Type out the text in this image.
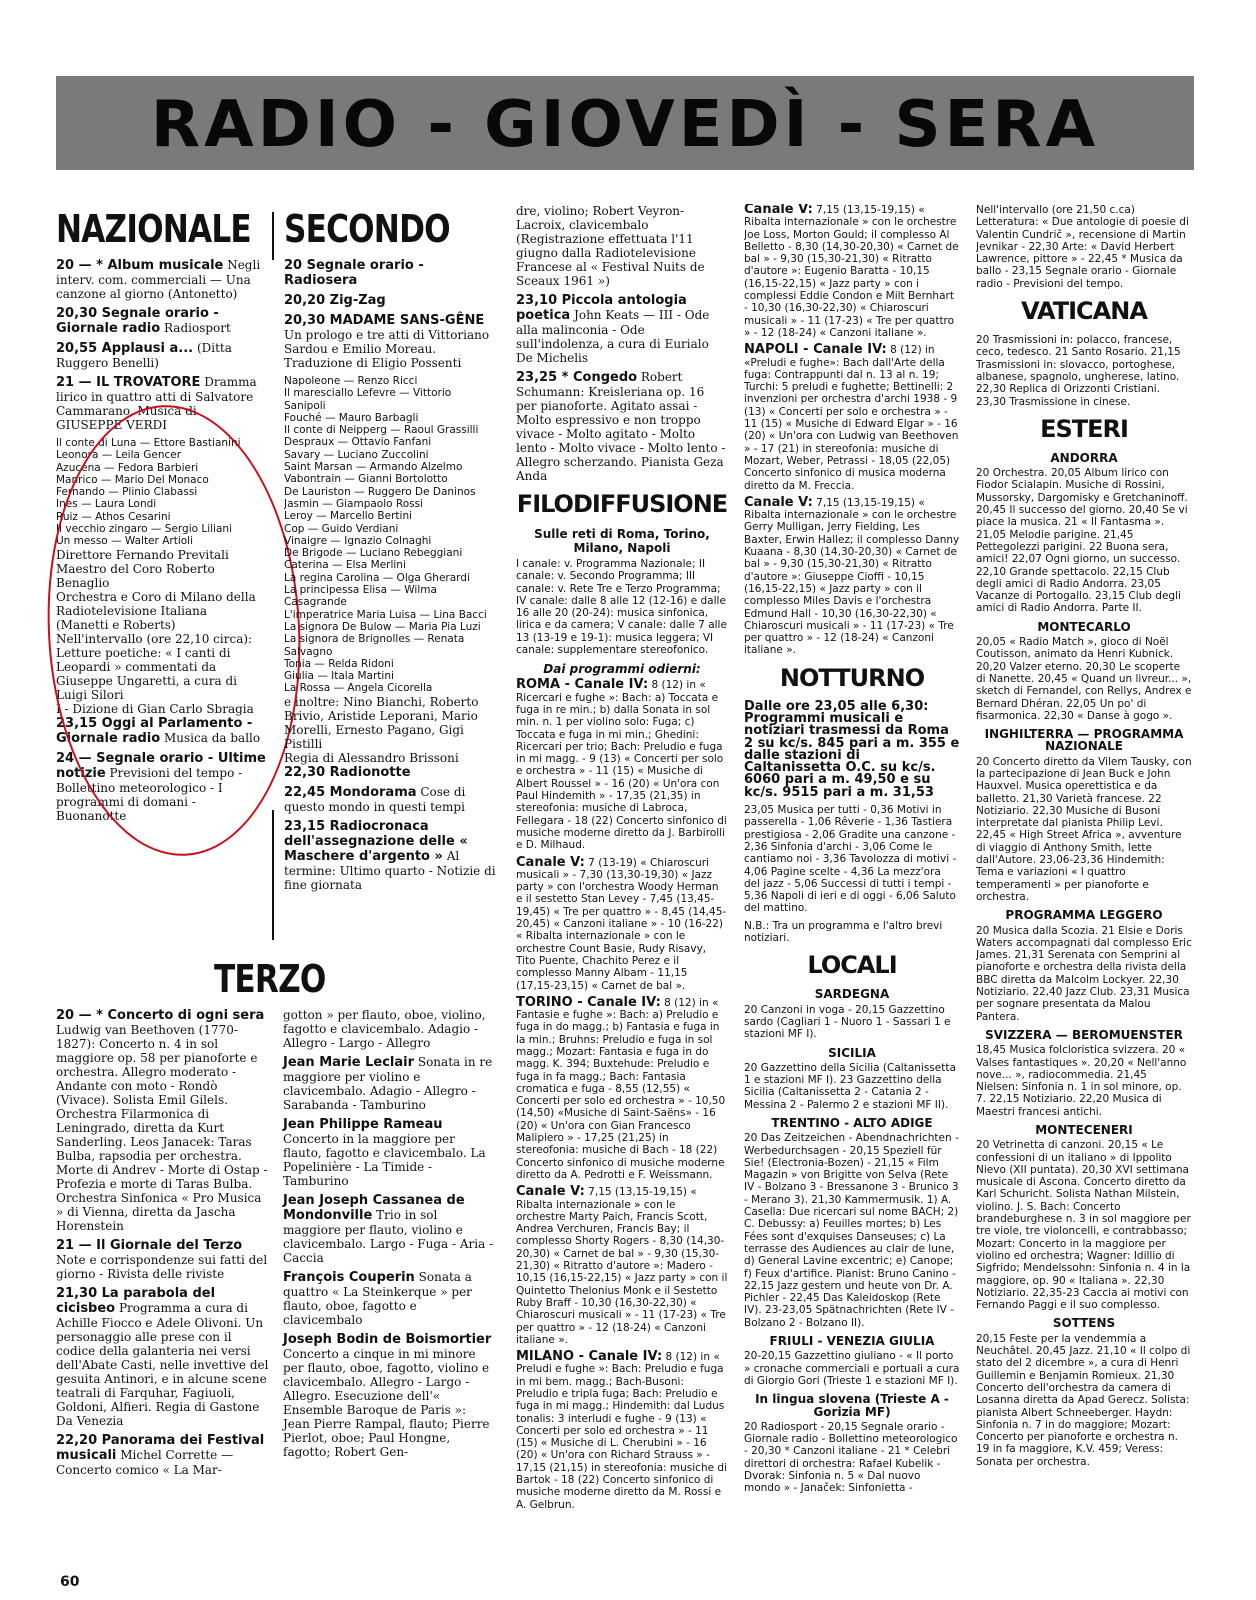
RADIO - GIOVEDÌ - SERA
NAZIONALE
20 — * Album musicale Negli interv. com. commerciali — Una canzone al giorno (Antonetto)
20,30 Segnale orario - Giornale radio Radiosport
20,55 Applausi a... (Ditta Ruggero Benelli)
21 — IL TROVATORE Dramma lirico in quattro atti di Salvatore Cammarano. Musica di GIUSEPPE VERDI
Il conte di Luna — Ettore Bastianini
Leonora — Leila Gencer
Azucena — Fedora Barbieri
Manrico — Mario Del Monaco
Fernando — Plinio Clabassi
Ines — Laura Londi
Ruiz — Athos Cesarini
Il vecchio zingaro — Sergio Liliani
Un messo — Walter Artioli
Direttore Fernando Previtali
Maestro del Coro Roberto Benaglio
Orchestra e Coro di Milano della Radiotelevisione Italiana
(Manetti e Roberts)
Nell'intervallo (ore 22,10 circa): Letture poetiche: « I canti di Leopardi » commentati da Giuseppe Ungaretti, a cura di Luigi Silori
I - Dizione di Gian Carlo Sbragia
23,15 Oggi al Parlamento - Giornale radio Musica da ballo
24 — Segnale orario - Ultime notizie Previsioni del tempo - Bollettino meteorologico - I programmi di domani - Buonanotte
SECONDO
20 Segnale orario - Radiosera
20,20 Zig-Zag
20,30 MADAME SANS-GÊNE Un prologo e tre atti di Vittoriano Sardou e Emilio Moreau. Traduzione di Eligio Possenti
Napoleone — Renzo Ricci
Il maresciallo Lefevre — Vittorio Sanipoli
Fouché — Mauro Barbagli
Il conte di Neipperg — Raoul Grassilli
Despraux — Ottavio Fanfani
Savary — Luciano Zuccolini
Saint Marsan — Armando Alzelmo
Vabontrain — Gianni Bortolotto
De Lauriston — Ruggero De Daninos
Jasmin — Giampaolo Rossi
Leroy — Marcello Bertini
Cop — Guido Verdiani
Vinaigre — Ignazio Colnaghi
De Brigode — Luciano Rebeggiani
Caterina — Elsa Merlini
La regina Carolina — Olga Gherardi
La principessa Elisa — Wilma Casagrande
L'imperatrice Maria Luisa — Lina Bacci
La signora De Bulow — Maria Pia Luzi
La signora de Brignolles — Renata Salvagno
Tonia — Relda Ridoni
Giulia — Itala Martini
La Rossa — Angela Cicorella
e inoltre: Nino Bianchi, Roberto Brivio, Aristide Leporani, Mario Morelli, Ernesto Pagano, Gigi Pistilli
Regia di Alessandro Brissoni
22,30 Radionotte
22,45 Mondorama Cose di questo mondo in questi tempi
23,15 Radiocronaca dell'assegnazione delle « Maschere d'argento » Al termine: Ultimo quarto - Notizie di fine giornata
TERZO
20 — * Concerto di ogni sera Ludwig van Beethoven (1770-1827): Concerto n. 4 in sol maggiore op. 58 per pianoforte e orchestra. Allegro moderato - Andante con moto - Rondò (Vivace). Solista Emil Gilels. Orchestra Filarmonica di Leningrado, diretta da Kurt Sanderling. Leos Janacek: Taras Bulba, rapsodia per orchestra. Morte di Andrev - Morte di Ostap - Profezia e morte di Taras Bulba. Orchestra Sinfonica « Pro Musica » di Vienna, diretta da Jascha Horenstein
21 — Il Giornale del Terzo Note e corrispondenze sui fatti del giorno - Rivista delle riviste
21,30 La parabola del cicisbeo Programma a cura di Achille Fiocco e Adele Olivoni. Un personaggio alle prese con il codice della galanteria nei versi dell'Abate Casti, nelle invettive del gesuita Antinori, e in alcune scene teatrali di Farquhar, Fagiuoli, Goldoni, Alfieri. Regia di Gastone Da Venezia
22,20 Panorama dei Festival musicali Michel Corrette — Concerto comico « La Mar-
gotton » per flauto, oboe, violino, fagotto e clavicembalo. Adagio - Allegro - Largo - Allegro
Jean Marie Leclair Sonata in re maggiore per violino e clavicembalo. Adagio - Allegro - Sarabanda - Tamburino
Jean Philippe Rameau Concerto in la maggiore per flauto, fagotto e clavicembalo. La Popelinière - La Timide - Tamburino
Jean Joseph Cassanea de Mondonville Trio in sol maggiore per flauto, violino e clavicembalo. Largo - Fuga - Aria - Caccia
François Couperin Sonata a quattro « La Steinkerque » per flauto, oboe, fagotto e clavicembalo
Joseph Bodin de Boismortier Concerto a cinque in mi minore per flauto, oboe, fagotto, violino e clavicembalo. Allegro - Largo - Allegro. Esecuzione dell'« Ensemble Baroque de Paris »: Jean Pierre Rampal, flauto; Pierre Pierlot, oboe; Paul Hongne, fagotto; Robert Gen-
dre, violino; Robert Veyron-Lacroix, clavicembalo (Registrazione effettuata l'11 giugno dalla Radiotelevisione Francese al « Festival Nuits de Sceaux 1961 »)
23,10 Piccola antologia poetica John Keats — III - Ode alla malinconia - Ode sull'indolenza, a cura di Eurialo De Michelis
23,25 * Congedo Robert Schumann: Kreisleriana op. 16 per pianoforte. Agitato assai - Molto espressivo e non troppo vivace - Molto agitato - Molto lento - Molto vivace - Molto lento - Allegro scherzando. Pianista Geza Anda
FILODIFFUSIONE
Sulle reti di Roma, Torino, Milano, Napoli
I canale: v. Programma Nazionale; II canale: v. Secondo Programma; III canale: v. Rete Tre e Terzo Programma; IV canale: dalle 8 alle 12 (12-16) e dalle 16 alle 20 (20-24): musica sinfonica, lirica e da camera; V canale: dalle 7 alle 13 (13-19 e 19-1): musica leggera; VI canale: supplementare stereofonico.
Dai programmi odierni:
ROMA - Canale IV: 8 (12) in « Ricercari e fughe »: Bach: a) Toccata e fuga in re min.; b) dalla Sonata in sol min. n. 1 per violino solo: Fuga; c) Toccata e fuga in mi min.; Ghedini: Ricercari per trio; Bach: Preludio e fuga in mi magg. - 9 (13) « Concerti per solo e orchestra » - 11 (15) « Musiche di Albert Roussel » - 16 (20) « Un'ora con Paul Hindemith » - 17,35 (21,35) in stereofonia: musiche di Labroca, Fellegara - 18 (22) Concerto sinfonico di musiche moderne diretto da J. Barbirolli e D. Milhaud.
Canale V: 7 (13-19) « Chiaroscuri musicali » - 7,30 (13,30-19,30) « Jazz party » con l'orchestra Woody Herman e il sestetto Stan Levey - 7,45 (13,45-19,45) « Tre per quattro » - 8,45 (14,45-20,45) « Canzoni italiane » - 10 (16-22) « Ribalta internazionale » con le orchestre Count Basie, Rudy Risavy, Tito Puente, Chachito Perez e il complesso Manny Albam - 11,15 (17,15-23,15) « Carnet de bal ».
TORINO - Canale IV: 8 (12) in « Fantasie e fughe »: Bach: a) Preludio e fuga in do magg.; b) Fantasia e fuga in la min.; Bruhns: Preludio e fuga in sol magg.; Mozart: Fantasia e fuga in do magg. K. 394; Buxtehude: Preludio e fuga in fa magg.; Bach: Fantasia cromatica e fuga - 8,55 (12,55) « Concerti per solo ed orchestra » - 10,50 (14,50) «Musiche di Saint-Saëns» - 16 (20) « Un'ora con Gian Francesco Malipiero » - 17,25 (21,25) in stereofonia: musiche di Bach - 18 (22) Concerto sinfonico di musiche moderne diretto da A. Pedrotti e F. Weissmann.
Canale V: 7,15 (13,15-19,15) « Ribalta internazionale » con le orchestre Marty Paich, Francis Scott, Andrea Verchuren, Francis Bay; il complesso Shorty Rogers - 8,30 (14,30-20,30) « Carnet de bal » - 9,30 (15,30-21,30) « Ritratto d'autore »: Madero - 10,15 (16,15-22,15) « Jazz party » con il Quintetto Thelonius Monk e il Sestetto Ruby Braff - 10,30 (16,30-22,30) « Chiaroscuri musicali » - 11 (17-23) « Tre per quattro » - 12 (18-24) « Canzoni italiane ».
MILANO - Canale IV: 8 (12) in « Preludi e fughe »: Bach: Preludio e fuga in mi bem. magg.; Bach-Busoni: Preludio e tripla fuga; Bach: Preludio e fuga in mi magg.; Hindemith: dal Ludus tonalis: 3 interludi e fughe - 9 (13) « Concerti per solo ed orchestra » - 11 (15) « Musiche di L. Cherubini » - 16 (20) « Un'ora con Richard Strauss » - 17,15 (21,15) in stereofonia: musiche di Bartok - 18 (22) Concerto sinfonico di musiche moderne diretto da M. Rossi e A. Gelbrun.
Canale V: 7,15 (13,15-19,15) « Ribalta internazionale » con le orchestre Joe Loss, Morton Gould; il complesso Al Belletto - 8,30 (14,30-20,30) « Carnet de bal » - 9,30 (15,30-21,30) « Ritratto d'autore »: Eugenio Baratta - 10,15 (16,15-22,15) « Jazz party » con i complessi Eddie Condon e Milt Bernhart - 10,30 (16,30-22,30) « Chiaroscuri musicali » - 11 (17-23) « Tre per quattro » - 12 (18-24) « Canzoni italiane ».
NAPOLI - Canale IV: 8 (12) in «Preludi e fughe»: Bach dall'Arte della fuga: Contrappunti dal n. 13 al n. 19; Turchi: 5 preludi e fughette; Bettinelli: 2 invenzioni per orchestra d'archi 1938 - 9 (13) « Concerti per solo e orchestra » - 11 (15) « Musiche di Edward Elgar » - 16 (20) « Un'ora con Ludwig van Beethoven » - 17 (21) in stereofonia: musiche di Mozart, Weber, Petrassi - 18,05 (22,05) Concerto sinfonico di musica moderna diretto da M. Freccia.
Canale V: 7,15 (13,15-19,15) « Ribalta internazionale » con le orchestre Gerry Mulligan, Jerry Fielding, Les Baxter, Erwin Hallez; il complesso Danny Kuaana - 8,30 (14,30-20,30) « Carnet de bal » - 9,30 (15,30-21,30) « Ritratto d'autore »: Giuseppe Cioffi - 10,15 (16,15-22,15) « Jazz party » con il complesso Miles Davis e l'orchestra Edmund Hall - 10,30 (16,30-22,30) « Chiaroscuri musicali » - 11 (17-23) « Tre per quattro » - 12 (18-24) « Canzoni italiane ».
NOTTURNO
Dalle ore 23,05 alle 6,30: Programmi musicali e notiziari trasmessi da Roma 2 su kc/s. 845 pari a m. 355 e dalle stazioni di Caltanissetta O.C. su kc/s. 6060 pari a m. 49,50 e su kc/s. 9515 pari a m. 31,53
23,05 Musica per tutti - 0,36 Motivi in passerella - 1,06 Rêverie - 1,36 Tastiera prestigiosa - 2,06 Gradite una canzone - 2,36 Sinfonia d'archi - 3,06 Come le cantiamo noi - 3,36 Tavolozza di motivi - 4,06 Pagine scelte - 4,36 La mezz'ora del jazz - 5,06 Successi di tutti i tempi - 5,36 Napoli di ieri e di oggi - 6,06 Saluto del mattino.
N.B.: Tra un programma e l'altro brevi notiziari.
LOCALI
SARDEGNA
20 Canzoni in voga - 20,15 Gazzettino sardo (Cagliari 1 - Nuoro 1 - Sassari 1 e stazioni MF I).
SICILIA
20 Gazzettino della Sicilia (Caltanissetta 1 e stazioni MF I). 23 Gazzettino della Sicilia (Caltanissetta 2 - Catania 2 - Messina 2 - Palermo 2 e stazioni MF II).
TRENTINO - ALTO ADIGE
20 Das Zeitzeichen - Abendnachrichten - Werbedurchsagen - 20,15 Speziell für Sie! (Electronia-Bozen) - 21,15 « Film Magazin » von Brigitte von Selva (Rete IV - Bolzano 3 - Bressanone 3 - Brunico 3 - Merano 3). 21,30 Kammermusik. 1) A. Casella: Due ricercari sul nome BACH; 2) C. Debussy: a) Feuilles mortes; b) Les Fées sont d'exquises Danseuses; c) La terrasse des Audiences au clair de lune, d) General Lavine excentric; e) Canope; f) Feux d'artifice. Pianist: Bruno Canino - 22,15 Jazz gestern und heute von Dr. A. Pichler - 22,45 Das Kaleidoskop (Rete IV). 23-23,05 Spätnachrichten (Rete IV - Bolzano 2 - Bolzano II).
FRIULI - VENEZIA GIULIA
20-20,15 Gazzettino giuliano - « Il porto » cronache commerciali e portuali a cura di Giorgio Gori (Trieste 1 e stazioni MF I).
In lingua slovena (Trieste A - Gorizia MF)
20 Radiosport - 20,15 Segnale orario - Giornale radio - Bollettino meteorologico - 20,30 * Canzoni italiane - 21 * Celebri direttori di orchestra: Rafael Kubelik - Dvorak: Sinfonia n. 5 « Dal nuovo mondo » - Janaček: Sinfonietta -
Nell'intervallo (ore 21,50 c.ca) Letteratura: « Due antologie di poesie di Valentin Cundrič », recensione di Martin Jevnikar - 22,30 Arte: « David Herbert Lawrence, pittore » - 22,45 * Musica da ballo - 23,15 Segnale orario - Giornale radio - Previsioni del tempo.
VATICANA
20 Trasmissioni in: polacco, francese, ceco, tedesco. 21 Santo Rosario. 21,15 Trasmissioni in: slovacco, portoghese, albanese, spagnolo, ungherese, latino. 22,30 Replica di Orizzonti Cristiani. 23,30 Trasmissione in cinese.
ESTERI
ANDORRA
20 Orchestra. 20,05 Album lirico con Fiodor Scialapin. Musiche di Rossini, Mussorsky, Dargomisky e Gretchaninoff. 20,45 Il successo del giorno. 20,40 Se vi piace la musica. 21 « Il Fantasma ». 21,05 Melodie parigine. 21,45 Pettegolezzi parigini. 22 Buona sera, amici! 22,07 Ogni giorno, un successo. 22,10 Grande spettacolo. 22,15 Club degli amici di Radio Andorra. 23,05 Vacanze di Portogallo. 23,15 Club degli amici di Radio Andorra. Parte II.
MONTECARLO
20,05 « Radio Match », gioco di Noël Coutisson, animato da Henri Kubnick. 20,20 Valzer eterno. 20,30 Le scoperte di Nanette. 20,45 « Quand un livreur... », sketch di Fernandel, con Rellys, Andrex e Bernard Dhéran. 22,05 Un po' di fisarmonica. 22,30 « Danse à gogo ».
INGHILTERRA — PROGRAMMA NAZIONALE
20 Concerto diretto da Vilem Tausky, con la partecipazione di Jean Buck e John Hauxvel. Musica operettistica e da balletto. 21,30 Varietà francese. 22 Notiziario. 22,30 Musiche di Busoni interpretate dal pianista Philip Levi. 22,45 « High Street Africa », avventure di viaggio di Anthony Smith, lette dall'Autore. 23,06-23,36 Hindemith: Tema e variazioni « I quattro temperamenti » per pianoforte e orchestra.
PROGRAMMA LEGGERO
20 Musica dalla Scozia. 21 Elsie e Doris Waters accompagnati dal complesso Eric James. 21,31 Serenata con Semprini al pianoforte e orchestra della rivista della BBC diretta da Malcolm Lockyer. 22,30 Notiziario. 22,40 Jazz Club. 23,31 Musica per sognare presentata da Malou Pantera.
SVIZZERA — BEROMUENSTER
18,45 Musica folcloristica svizzera. 20 « Valses fantastiques ». 20,20 « Nell'anno nove... », radiocommedia. 21,45 Nielsen: Sinfonia n. 1 in sol minore, op. 7. 22,15 Notiziario. 22,20 Musica di Maestri francesi antichi.
MONTECENERI
20 Vetrinetta di canzoni. 20,15 « Le confessioni di un italiano » di Ippolito Nievo (XII puntata). 20,30 XVI settimana musicale di Ascona. Concerto diretto da Karl Schuricht. Solista Nathan Milstein, violino. J. S. Bach: Concerto brandeburghese n. 3 in sol maggiore per tre viole, tre violoncelli, e contrabbasso; Mozart: Concerto in la maggiore per violino ed orchestra; Wagner: Idillio di Sigfrido; Mendelssohn: Sinfonia n. 4 in la maggiore, op. 90 « Italiana ». 22,30 Notiziario. 22,35-23 Caccia ai motivi con Fernando Paggi e il suo complesso.
SOTTENS
20,15 Feste per la vendemmia a Neuchâtel. 20,45 Jazz. 21,10 « Il colpo di stato del 2 dicembre », a cura di Henri Guillemin e Benjamin Romieux. 21,30 Concerto dell'orchestra da camera di Losanna diretta da Apad Gerecz. Solista: pianista Albert Schneeberger. Haydn: Sinfonia n. 7 in do maggiore; Mozart: Concerto per pianoforte e orchestra n. 19 in fa maggiore, K.V. 459; Veress: Sonata per orchestra.
60
